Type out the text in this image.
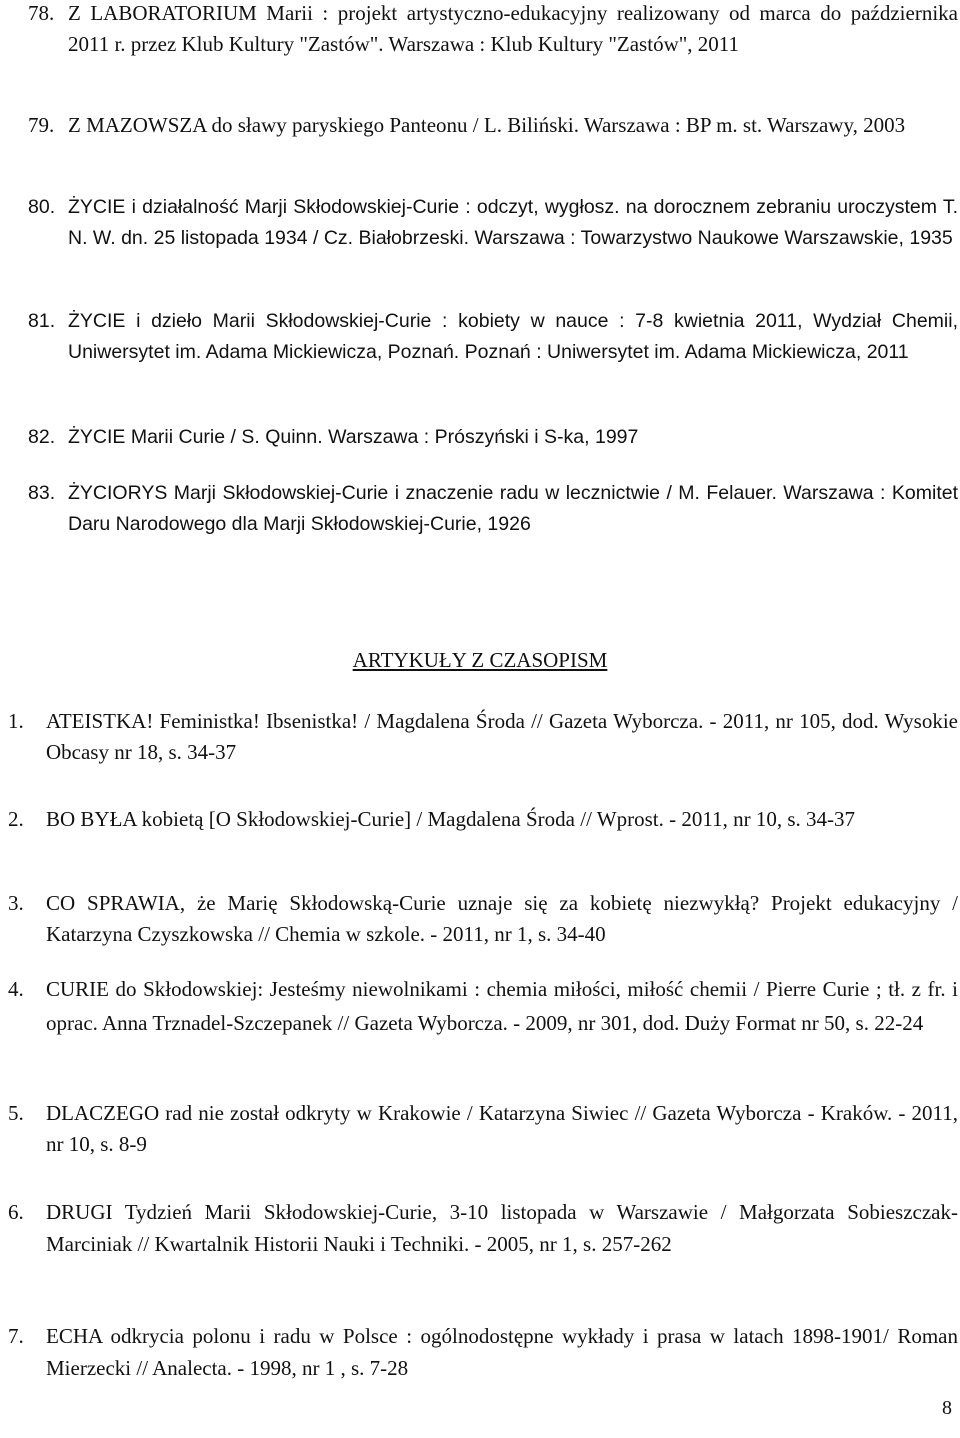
78. Z LABORATORIUM Marii : projekt artystyczno-edukacyjny realizowany od marca do października 2011 r. przez Klub Kultury "Zastów". Warszawa : Klub Kultury "Zastów", 2011
79. Z MAZOWSZA do sławy paryskiego Panteonu / L. Biliński. Warszawa : BP m. st. Warszawy, 2003
80. ŻYCIE i działalność Marji Skłodowskiej-Curie : odczyt, wygłosz. na dorocznem zebraniu uroczystem T. N. W. dn. 25 listopada 1934 / Cz. Białobrzeski. Warszawa : Towarzystwo Naukowe Warszawskie, 1935
81. ŻYCIE i dzieło Marii Skłodowskiej-Curie : kobiety w nauce : 7-8 kwietnia 2011, Wydział Chemii, Uniwersytet im. Adama Mickiewicza, Poznań. Poznań : Uniwersytet im. Adama Mickiewicza, 2011
82. ŻYCIE Marii Curie / S. Quinn. Warszawa : Prószyński i S-ka, 1997
83. ŻYCIORYS Marji Skłodowskiej-Curie i znaczenie radu w lecznictwie / M. Felauer. Warszawa : Komitet Daru Narodowego dla Marji Skłodowskiej-Curie, 1926
ARTYKUŁY Z CZASOPISM
1.	ATEISTKA! Feministka! Ibsenistka! / Magdalena Środa // Gazeta Wyborcza. - 2011, nr 105, dod. Wysokie Obcasy nr 18, s. 34-37
2.	BO BYŁA kobietą [O Skłodowskiej-Curie] / Magdalena Środa // Wprost. - 2011, nr 10, s. 34-37
3.	CO SPRAWIA, że Marię Skłodowską-Curie uznaje się za kobietę niezwykłą? Projekt edukacyjny / Katarzyna Czyszkowska // Chemia w szkole. - 2011, nr 1, s. 34-40
4.	CURIE do Skłodowskiej: Jesteśmy niewolnikami : chemia miłości, miłość chemii / Pierre Curie ; tł. z fr. i oprac. Anna Trznadel-Szczepanek // Gazeta Wyborcza. - 2009, nr 301, dod. Duży Format nr 50, s. 22-24
5.	DLACZEGO rad nie został odkryty w Krakowie / Katarzyna Siwiec // Gazeta Wyborcza - Kraków. - 2011, nr 10, s. 8-9
6.	DRUGI Tydzień Marii Skłodowskiej-Curie, 3-10 listopada w Warszawie / Małgorzata Sobieszczak-Marciniak // Kwartalnik Historii Nauki i Techniki. - 2005, nr 1, s. 257-262
7.	ECHA odkrycia polonu i radu w Polsce : ogólnodostępne wykłady i prasa w latach 1898-1901/ Roman Mierzecki // Analecta. - 1998, nr 1 , s. 7-28
8
